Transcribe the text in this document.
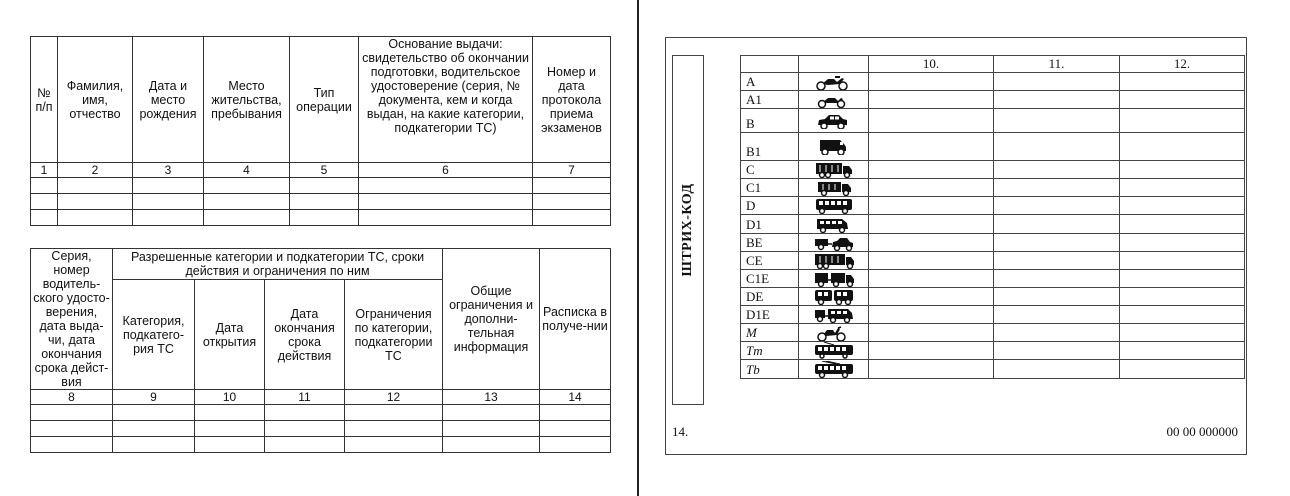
№ п/п	Фамилия, имя, отчество	Дата и место рождения	Место жительства, пребывания	Тип операции	Основание выдачи: свидетельство об окончании подготовки, водительское удостоверение (серия, № документа, кем и когда выдан, на какие категории, подкатегории ТС)	Номер и дата протокола приема экзаменов
1	2	3	4	5	6	7

Серия, номер водитель-ского удосто-верения, дата выда-чи, дата окончания срока дейст-вия	Разрешенные категории и подкатегории ТС, сроки действия и ограничения по ним				Общие ограничения и дополни-тельная информация	Расписка в получе-нии
	Категория, подкатего-рия ТС	Дата открытия	Дата окончания срока действия	Ограничения по категории, подкатегории ТС		
8	9	10	11	12	13	14

ШТРИХ-КОД
		10.	11.	12.
A	

A1	

B	

B1	

C	

C1	

D	

D1	

BE	

CE	

C1E	

DE	

D1E	

M	

Tm	

Tb	

14.	00 00 000000
